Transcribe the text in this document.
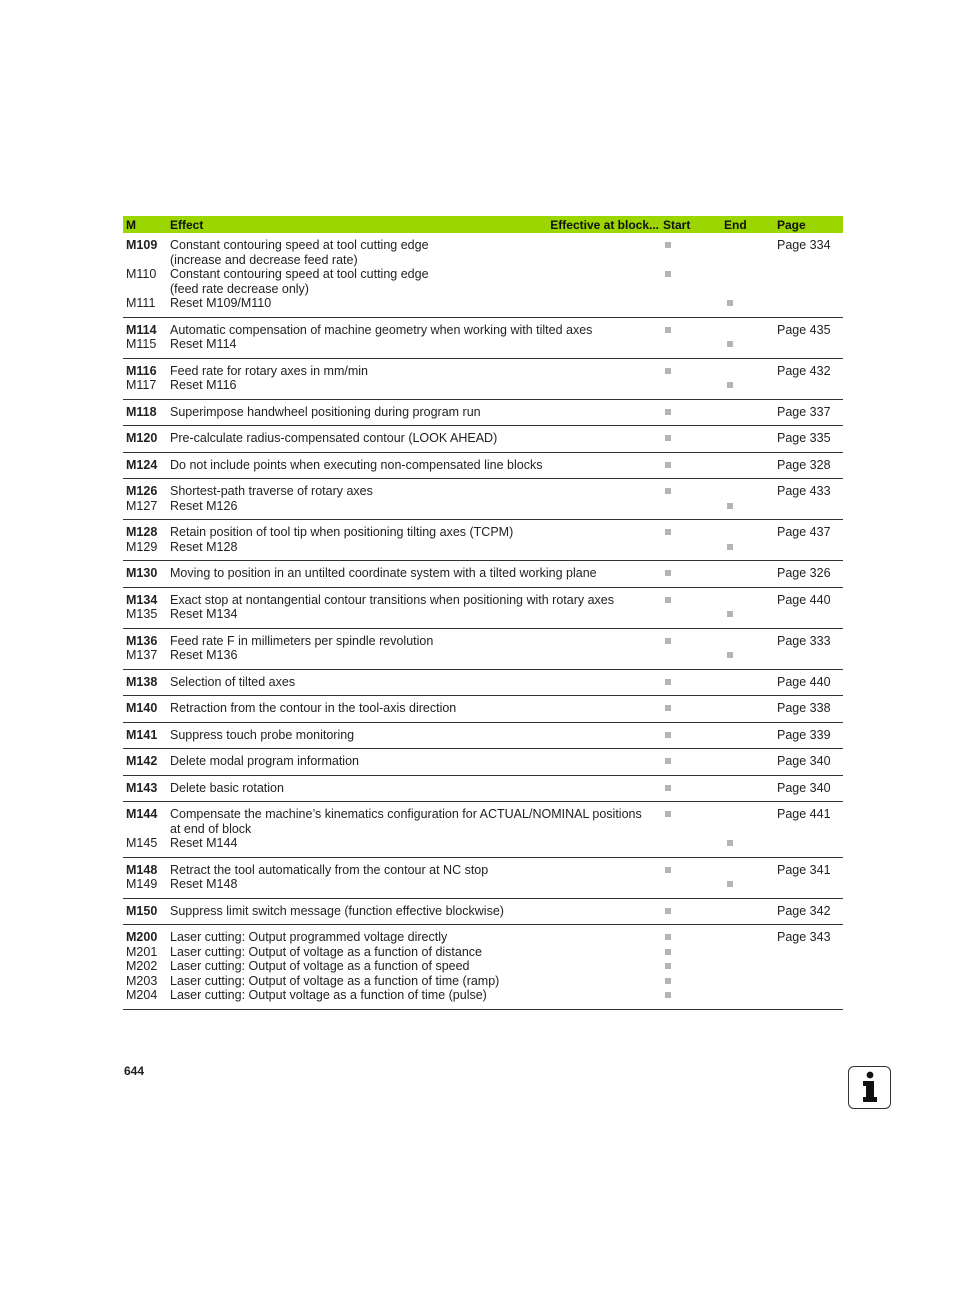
M	Effect	Effective at block... Start	End	Page
M109	Constant contouring speed at tool cutting edge	Page 334
(increase and decrease feed rate)
M110	Constant contouring speed at tool cutting edge
(feed rate decrease only)
M111	Reset M109/M110
M114	Automatic compensation of machine geometry when working with tilted axes	Page 435
M115	Reset M114
M116	Feed rate for rotary axes in mm/min	Page 432
M117	Reset M116
M118	Superimpose handwheel positioning during program run	Page 337
M120	Pre-calculate radius-compensated contour (LOOK AHEAD)	Page 335
M124	Do not include points when executing non-compensated line blocks	Page 328
M126	Shortest-path traverse of rotary axes	Page 433
M127	Reset M126
M128	Retain position of tool tip when positioning tilting axes (TCPM)	Page 437
M129	Reset M128
M130	Moving to position in an untilted coordinate system with a tilted working plane	Page 326
M134	Exact stop at nontangential contour transitions when positioning with rotary axes	Page 440
M135	Reset M134
M136	Feed rate F in millimeters per spindle revolution	Page 333
M137	Reset M136
M138	Selection of tilted axes	Page 440
M140	Retraction from the contour in the tool-axis direction	Page 338
M141	Suppress touch probe monitoring	Page 339
M142	Delete modal program information	Page 340
M143	Delete basic rotation	Page 340
M144	Compensate the machine’s kinematics configuration for ACTUAL/NOMINAL positions	Page 441
at end of block
M145	Reset M144
M148	Retract the tool automatically from the contour at NC stop	Page 341
M149	Reset M148
M150	Suppress limit switch message (function effective blockwise)	Page 342
M200	Laser cutting: Output programmed voltage directly	Page 343
M201	Laser cutting: Output of voltage as a function of distance
M202	Laser cutting: Output of voltage as a function of speed
M203	Laser cutting: Output of voltage as a function of time (ramp)
M204	Laser cutting: Output voltage as a function of time (pulse)
644
